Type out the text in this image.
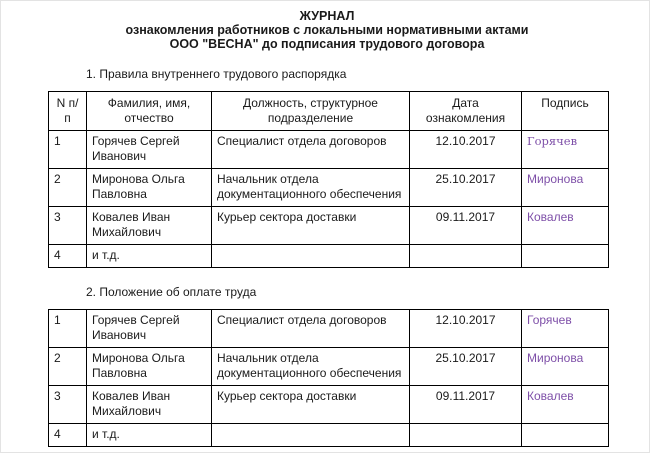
ЖУРНАЛ
ознакомления работников с локальными нормативными актами
ООО "ВЕСНА" до подписания трудового договора
1. Правила внутреннего трудового распорядка
N п/п	Фамилия, имя, отчество	Должность, структурное подразделение	Дата ознакомления	Подпись
1	Горячев Сергей Иванович	Специалист отдела договоров	12.10.2017	Горячев
2	Миронова Ольга Павловна	Начальник отдела документационного обеспечения	25.10.2017	Миронова
3	Ковалев Иван Михайлович	Курьер сектора доставки	09.11.2017	Ковалев
4	и т.д.			
2. Положение об оплате труда
1	Горячев Сергей Иванович	Специалист отдела договоров	12.10.2017	Горячев
2	Миронова Ольга Павловна	Начальник отдела документационного обеспечения	25.10.2017	Миронова
3	Ковалев Иван Михайлович	Курьер сектора доставки	09.11.2017	Ковалев
4	и т.д.			
